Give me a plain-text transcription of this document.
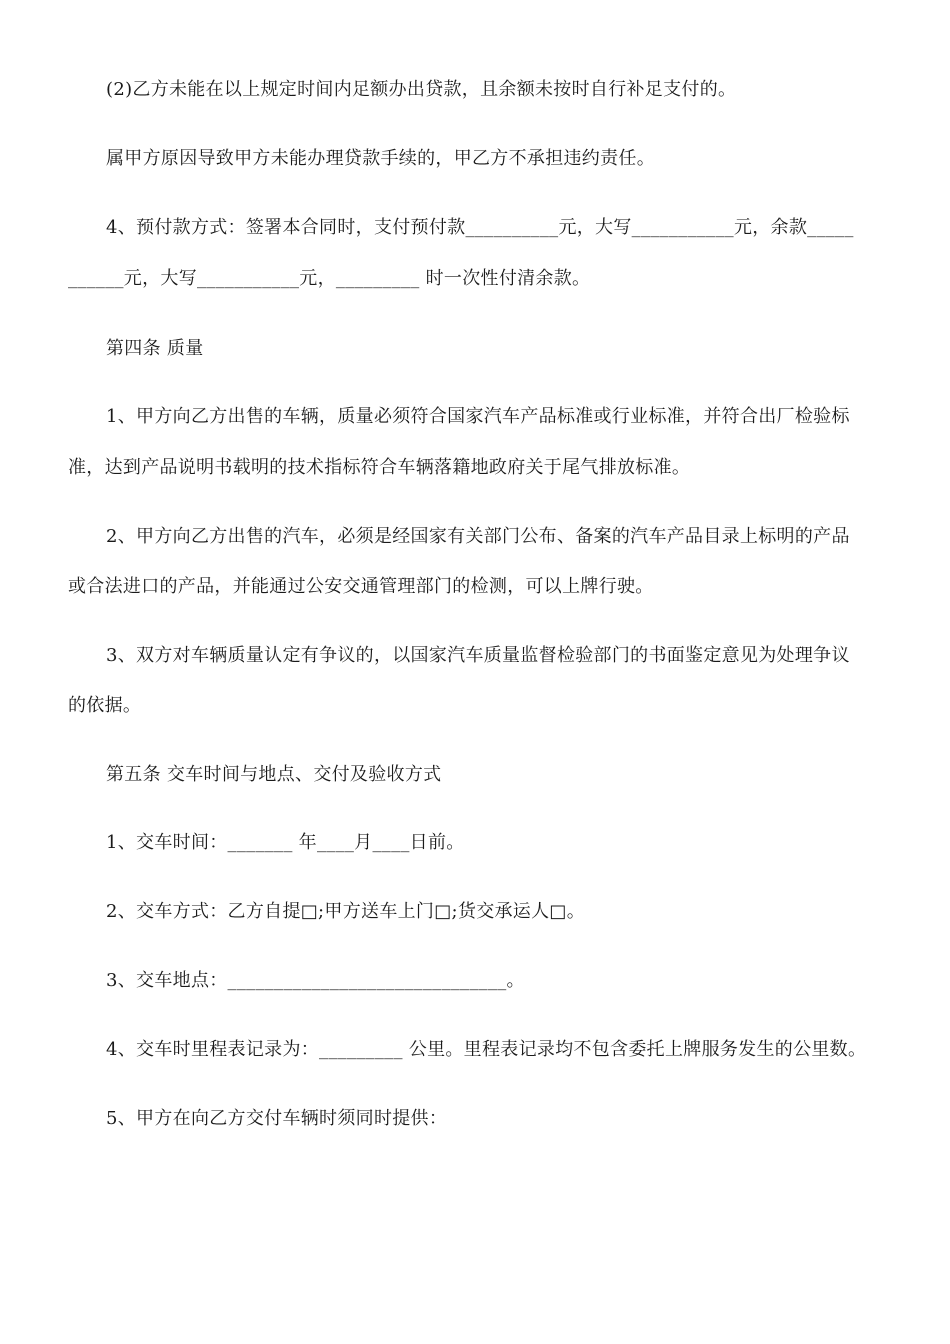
(2)乙方未能在以上规定时间内足额办出贷款，且余额未按时自行补足支付的。
属甲方原因导致甲方未能办理贷款手续的，甲乙方不承担违约责任。
4、预付款方式：签署本合同时，支付预付款__________元，大写___________元，余款_____
______元，大写___________元，_________ 时一次性付清余款。
第四条 质量
1、甲方向乙方出售的车辆，质量必须符合国家汽车产品标准或行业标准，并符合出厂检验标
准，达到产品说明书载明的技术指标符合车辆落籍地政府关于尾气排放标准。
2、甲方向乙方出售的汽车，必须是经国家有关部门公布、备案的汽车产品目录上标明的产品
或合法进口的产品，并能通过公安交通管理部门的检测，可以上牌行驶。
3、双方对车辆质量认定有争议的，以国家汽车质量监督检验部门的书面鉴定意见为处理争议
的依据。
第五条 交车时间与地点、交付及验收方式
1、交车时间：_______ 年____月____日前。
2、交车方式：乙方自提□;甲方送车上门□;货交承运人□。
3、交车地点：______________________________。
4、交车时里程表记录为：_________ 公里。里程表记录均不包含委托上牌服务发生的公里数。
5、甲方在向乙方交付车辆时须同时提供：
